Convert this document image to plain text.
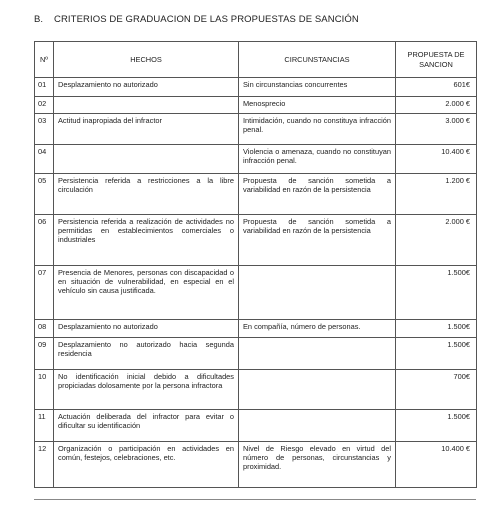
B. CRITERIOS DE GRADUACION DE LAS PROPUESTAS DE SANCIÓN
Nº	HECHOS	CIRCUNSTANCIAS	PROPUESTA DE SANCION
01	Desplazamiento no autorizado	Sin circunstancias concurrentes	601€
02		Menosprecio	2.000 €
03	Actitud inapropiada del infractor	Intimidación, cuando no constituya infracción penal.	3.000 €
04		Violencia o amenaza, cuando no constituyan infracción penal.	10.400 €
05	Persistencia referida a restricciones a la libre circulación	Propuesta de sanción sometida a variabilidad en razón de la persistencia	1.200 €
06	Persistencia referida a realización de actividades no permitidas en establecimientos comerciales o industriales	Propuesta de sanción sometida a variabilidad en razón de la persistencia	2.000 €
07	Presencia de Menores, personas con discapacidad o en situación de vulnerabilidad, en especial en el vehículo sin causa justificada.		1.500€
08	Desplazamiento no autorizado	En compañía, número de personas.	1.500€
09	Desplazamiento no autorizado hacia segunda residencia		1.500€
10	No identificación inicial debido a dificultades propiciadas dolosamente por la persona infractora		700€
11	Actuación deliberada del infractor para evitar o dificultar su identificación		1.500€
12	Organización o participación en actividades en común, festejos, celebraciones, etc.	Nivel de Riesgo elevado en virtud del número de personas, circunstancias y proximidad.	10.400 €
